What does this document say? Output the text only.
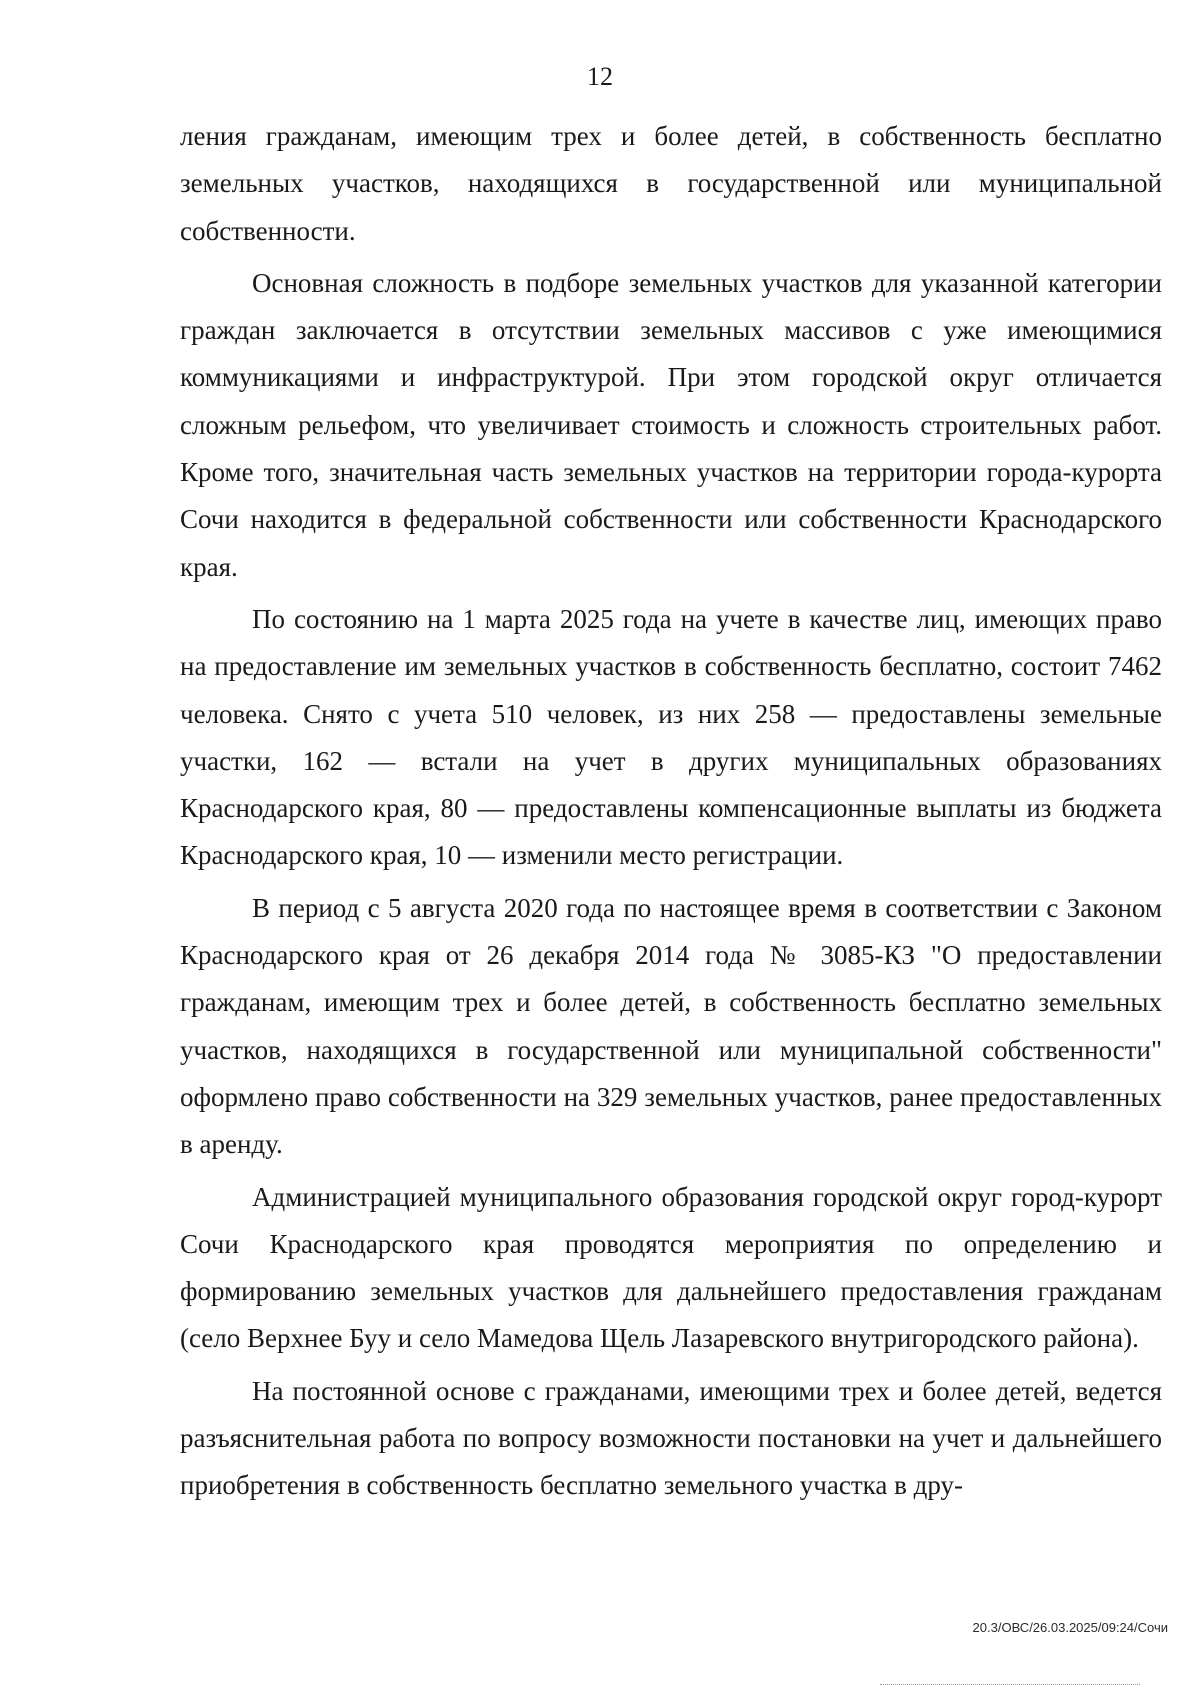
12

ления гражданам, имеющим трех и более детей, в собственность бесплатно земельных участков, находящихся в государственной или муниципальной собственности.

Основная сложность в подборе земельных участков для указанной категории граждан заключается в отсутствии земельных массивов с уже имеющимися коммуникациями и инфраструктурой. При этом городской округ отличается сложным рельефом, что увеличивает стоимость и сложность строительных работ. Кроме того, значительная часть земельных участков на территории города-курорта Сочи находится в федеральной собственности или собственности Краснодарского края.

По состоянию на 1 марта 2025 года на учете в качестве лиц, имеющих право на предоставление им земельных участков в собственность бесплатно, состоит 7462 человека. Снято с учета 510 человек, из них 258 — предоставлены земельные участки, 162 — встали на учет в других муниципальных образованиях Краснодарского края, 80 — предоставлены компенсационные выплаты из бюджета Краснодарского края, 10 — изменили место регистрации.

В период с 5 августа 2020 года по настоящее время в соответствии с Законом Краснодарского края от 26 декабря 2014 года № 3085-КЗ "О предоставлении гражданам, имеющим трех и более детей, в собственность бесплатно земельных участков, находящихся в государственной или муниципальной собственности" оформлено право собственности на 329 земельных участков, ранее предоставленных в аренду.

Администрацией муниципального образования городской округ город-курорт Сочи Краснодарского края проводятся мероприятия по определению и формированию земельных участков для дальнейшего предоставления гражданам (село Верхнее Буу и село Мамедова Щель Лазаревского внутригородского района).

На постоянной основе с гражданами, имеющими трех и более детей, ведется разъяснительная работа по вопросу возможности постановки на учет и дальнейшего приобретения в собственность бесплатно земельного участка в дру-

20.3/ОВС/26.03.2025/09:24/Сочи
